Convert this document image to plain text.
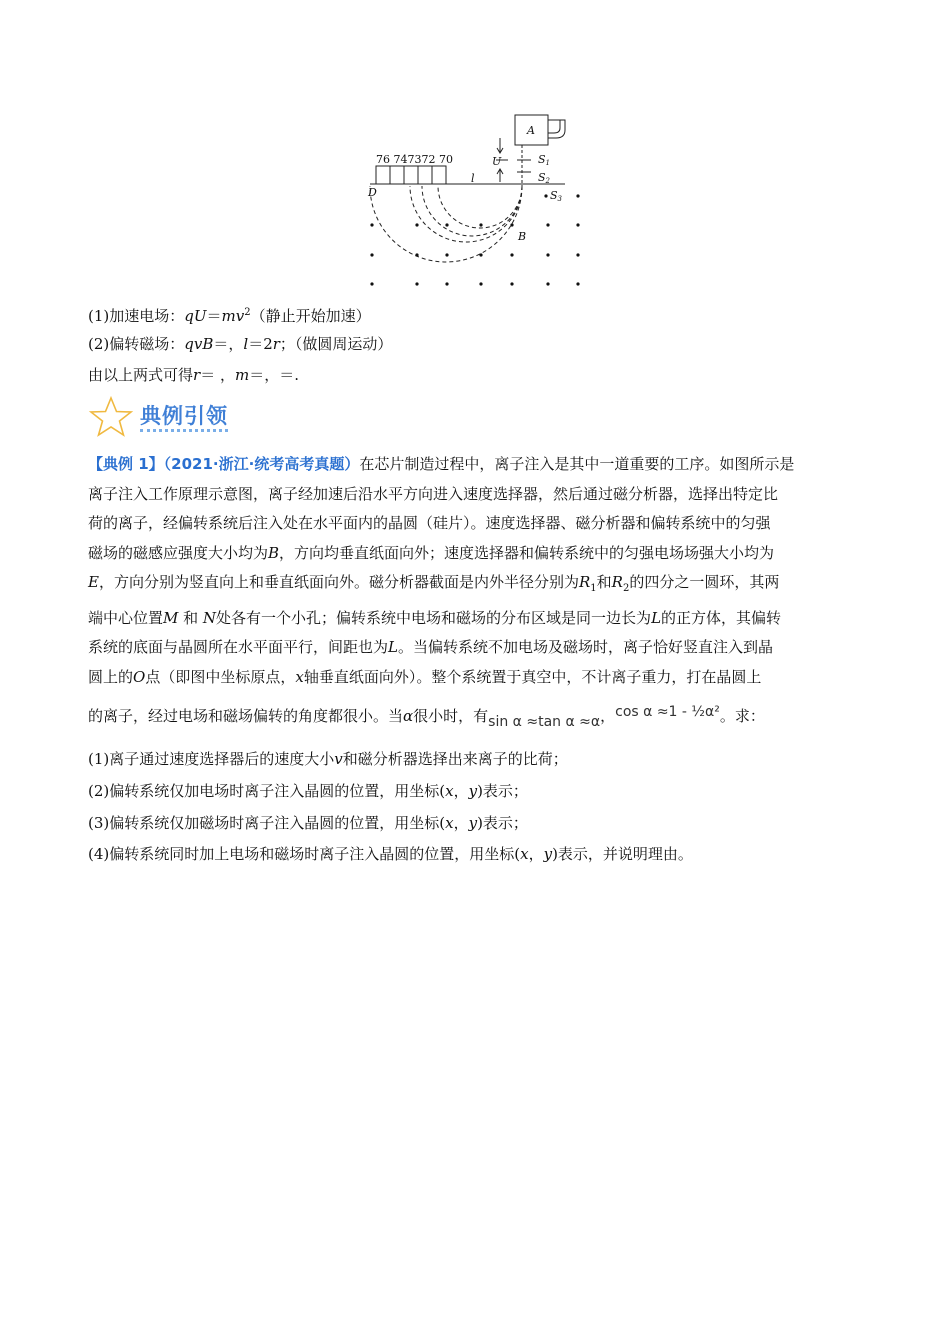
76 747372 70
A
U	S1
S2
S3
l
D
B
(1)加速电场：$qU=mv^2$（静止开始加速）
(2)偏转磁场：qvB＝，l＝2r；（做圆周运动）
由以上两式可得r＝ ，m＝，＝.
典例引领

【典例 1】（2021·浙江·统考高考真题）在芯片制造过程中，离子注入是其中一道重要的工序。如图所示是

离子注入工作原理示意图，离子经加速后沿水平方向进入速度选择器，然后通过磁分析器，选择出特定比

荷的离子，经偏转系统后注入处在水平面内的晶圆（硅片）。速度选择器、磁分析器和偏转系统中的匀强

磁场的磁感应强度大小均为B，方向均垂直纸面向外；速度选择器和偏转系统中的匀强电场场强大小均为

E，方向分别为竖直向上和垂直纸面向外。磁分析器截面是内外半径分别为$R_1$和$R_2$的四分之一圆环，其两

端中心位置M 和 N处各有一个小孔；偏转系统中电场和磁场的分布区域是同一边长为L的正方体，其偏转

系统的底面与晶圆所在水平面平行，间距也为L。当偏转系统不加电场及磁场时，离子恰好竖直注入到晶

圆上的O点（即图中坐标原点，x轴垂直纸面向外）。整个系统置于真空中，不计离子重力，打在晶圆上

的离子，经过电场和磁场偏转的角度都很小。当α很小时，有sin α ≈tan α ≈α，cos α ≈1 - ½α²。求：

(1)离子通过速度选择器后的速度大小v和磁分析器选择出来离子的比荷；
(2)偏转系统仅加电场时离子注入晶圆的位置，用坐标(x，y)表示；
(3)偏转系统仅加磁场时离子注入晶圆的位置，用坐标(x，y)表示；
(4)偏转系统同时加上电场和磁场时离子注入晶圆的位置，用坐标(x，y)表示，并说明理由。
